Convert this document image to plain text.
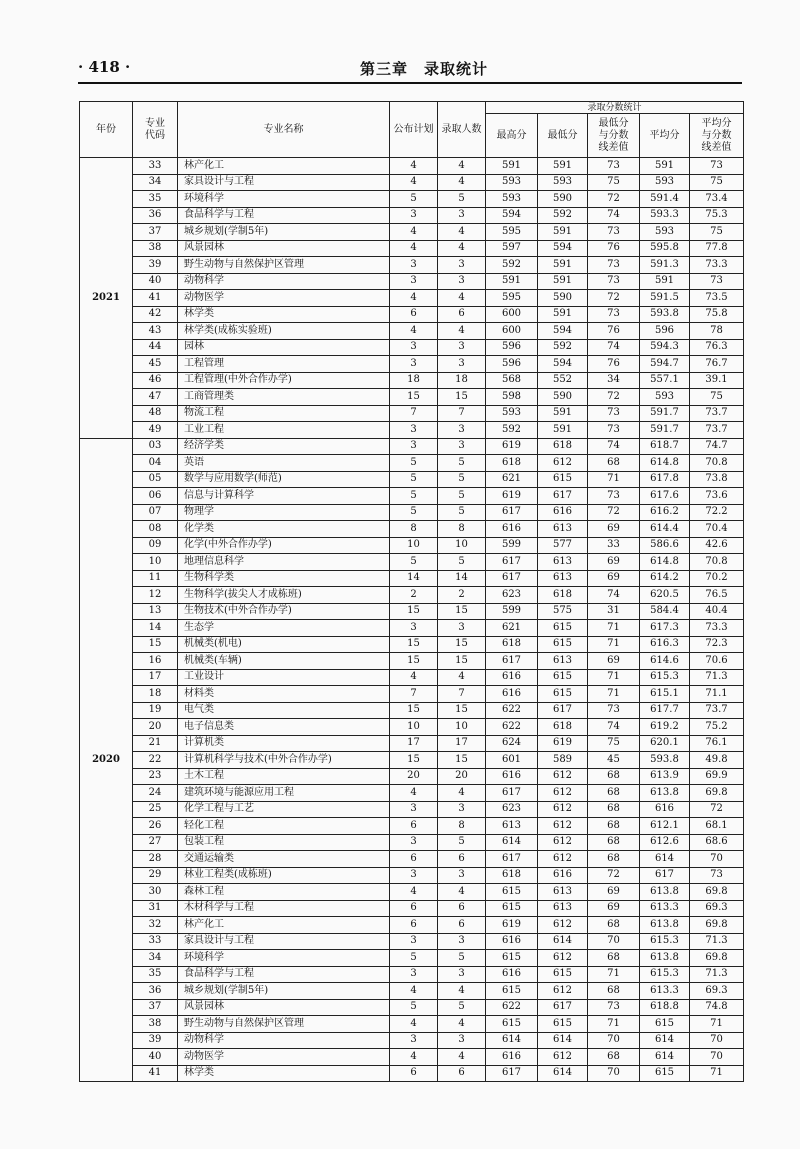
· 418 ·	第三章　录取统计
年份	专业代码	专业名称	公布计划	录取人数	录取分数统计				
					最高分	最低分	最低分与分数线差值	平均分	平均分与分数线差值
2021	33	林产化工	4	4	591	591	73	591	73
	34	家具设计与工程	4	4	593	593	75	593	75
	35	环境科学	5	5	593	590	72	591.4	73.4
	36	食品科学与工程	3	3	594	592	74	593.3	75.3
	37	城乡规划(学制5年)	4	4	595	591	73	593	75
	38	风景园林	4	4	597	594	76	595.8	77.8
	39	野生动物与自然保护区管理	3	3	592	591	73	591.3	73.3
	40	动物科学	3	3	591	591	73	591	73
	41	动物医学	4	4	595	590	72	591.5	73.5
	42	林学类	6	6	600	591	73	593.8	75.8
	43	林学类(成栋实验班)	4	4	600	594	76	596	78
	44	园林	3	3	596	592	74	594.3	76.3
	45	工程管理	3	3	596	594	76	594.7	76.7
	46	工程管理(中外合作办学)	18	18	568	552	34	557.1	39.1
	47	工商管理类	15	15	598	590	72	593	75
	48	物流工程	7	7	593	591	73	591.7	73.7
	49	工业工程	3	3	592	591	73	591.7	73.7
2020	03	经济学类	3	3	619	618	74	618.7	74.7
	04	英语	5	5	618	612	68	614.8	70.8
	05	数学与应用数学(师范)	5	5	621	615	71	617.8	73.8
	06	信息与计算科学	5	5	619	617	73	617.6	73.6
	07	物理学	5	5	617	616	72	616.2	72.2
	08	化学类	8	8	616	613	69	614.4	70.4
	09	化学(中外合作办学)	10	10	599	577	33	586.6	42.6
	10	地理信息科学	5	5	617	613	69	614.8	70.8
	11	生物科学类	14	14	617	613	69	614.2	70.2
	12	生物科学(拔尖人才成栋班)	2	2	623	618	74	620.5	76.5
	13	生物技术(中外合作办学)	15	15	599	575	31	584.4	40.4
	14	生态学	3	3	621	615	71	617.3	73.3
	15	机械类(机电)	15	15	618	615	71	616.3	72.3
	16	机械类(车辆)	15	15	617	613	69	614.6	70.6
	17	工业设计	4	4	616	615	71	615.3	71.3
	18	材料类	7	7	616	615	71	615.1	71.1
	19	电气类	15	15	622	617	73	617.7	73.7
	20	电子信息类	10	10	622	618	74	619.2	75.2
	21	计算机类	17	17	624	619	75	620.1	76.1
	22	计算机科学与技术(中外合作办学)	15	15	601	589	45	593.8	49.8
	23	土木工程	20	20	616	612	68	613.9	69.9
	24	建筑环境与能源应用工程	4	4	617	612	68	613.8	69.8
	25	化学工程与工艺	3	3	623	612	68	616	72
	26	轻化工程	6	8	613	612	68	612.1	68.1
	27	包装工程	3	5	614	612	68	612.6	68.6
	28	交通运输类	6	6	617	612	68	614	70
	29	林业工程类(成栋班)	3	3	618	616	72	617	73
	30	森林工程	4	4	615	613	69	613.8	69.8
	31	木材科学与工程	6	6	615	613	69	613.3	69.3
	32	林产化工	6	6	619	612	68	613.8	69.8
	33	家具设计与工程	3	3	616	614	70	615.3	71.3
	34	环境科学	5	5	615	612	68	613.8	69.8
	35	食品科学与工程	3	3	616	615	71	615.3	71.3
	36	城乡规划(学制5年)	4	4	615	612	68	613.3	69.3
	37	风景园林	5	5	622	617	73	618.8	74.8
	38	野生动物与自然保护区管理	4	4	615	615	71	615	71
	39	动物科学	3	3	614	614	70	614	70
	40	动物医学	4	4	616	612	68	614	70
	41	林学类	6	6	617	614	70	615	71
